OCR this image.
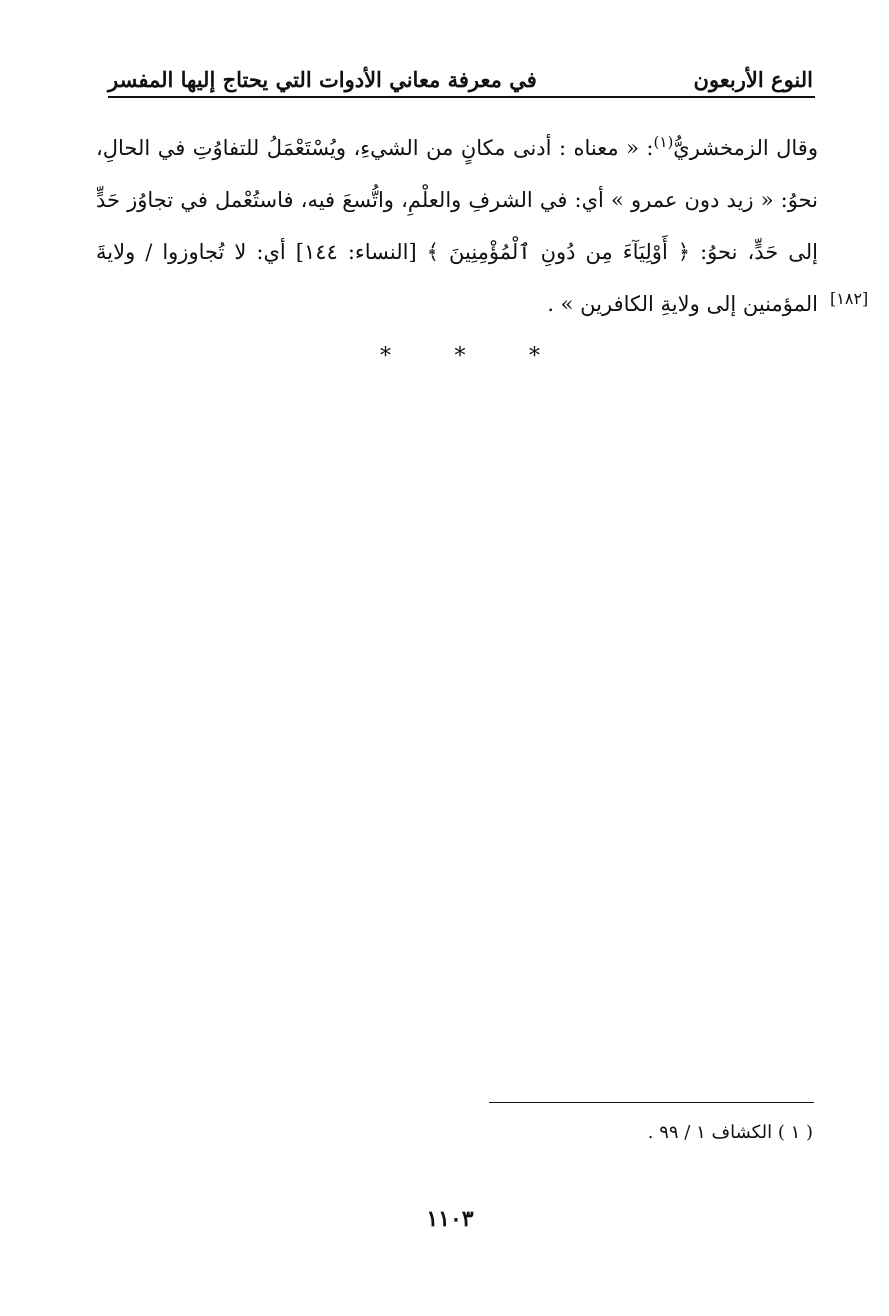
النوع الأربعون
في معرفة معاني الأدوات التي يحتاج إليها المفسر

وقال الزمخشريُّ$^{(١)}$: « معناه : أدنى مكانٍ من الشيءِ، ويُسْتَعْمَلُ للتفاوُتِ في الحالِ، نحوُ: « زيد دون عمرو » أي: في الشرفِ والعلْمِ، واتُّسعَ فيه، فاستُعْمل في تجاوُز حَدٍّ إلى حَدٍّ، نحوُ: ﴿ أَوْلِيَآءَ مِن دُونِ ٱلْمُؤْمِنِينَ ﴾ [النساء: ١٤٤] أي: لا تُجاوزوا / ولايةَ المؤمنين إلى ولايةِ الكافرين » . [١٨٢]
*	*	*
( ١ ) الكشاف ١ / ٩٩ .
١١٠٣
